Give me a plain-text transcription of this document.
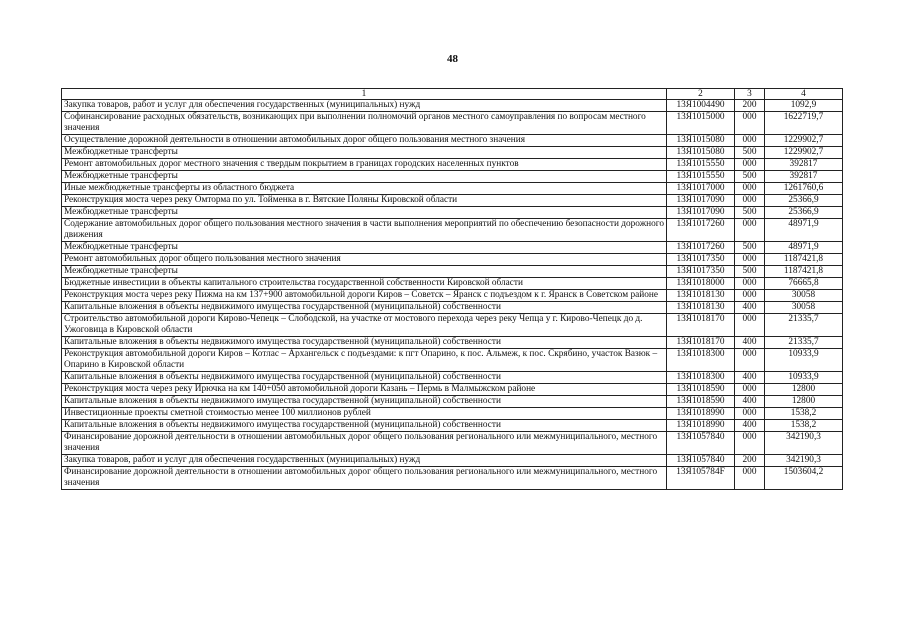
48
1	2	3	4
Закупка товаров, работ и услуг для обеспечения государственных (муниципальных) нужд	13Я1004490	200	1092,9
Софинансирование расходных обязательств, возникающих при выполнении полномочий органов местного самоуправления по вопросам местного значения	13Я1015000	000	1622719,7
Осуществление дорожной деятельности в отношении автомобильных дорог общего пользования местного значения	13Я1015080	000	1229902,7
Межбюджетные трансферты	13Я1015080	500	1229902,7
Ремонт автомобильных дорог местного значения с твердым покрытием в границах городских населенных пунктов	13Я1015550	000	392817
Межбюджетные трансферты	13Я1015550	500	392817
Иные межбюджетные трансферты из областного бюджета	13Я1017000	000	1261760,6
Реконструкция моста через реку Омторма по ул. Тойменка в г. Вятские Поляны Кировской области	13Я1017090	000	25366,9
Межбюджетные трансферты	13Я1017090	500	25366,9
Содержание автомобильных дорог общего пользования местного значения в части выполнения мероприятий по обеспечению безопасности дорожного движения	13Я1017260	000	48971,9
Межбюджетные трансферты	13Я1017260	500	48971,9
Ремонт автомобильных дорог общего пользования местного значения	13Я1017350	000	1187421,8
Межбюджетные трансферты	13Я1017350	500	1187421,8
Бюджетные инвестиции в объекты капитального строительства государственной собственности Кировской области	13Я1018000	000	76665,8
Реконструкция моста через реку Пижма на км 137+900 автомобильной дороги Киров – Советск – Яранск с подъездом к г. Яранск в Советском районе	13Я1018130	000	30058
Капитальные вложения в объекты недвижимого имущества государственной (муниципальной) собственности	13Я1018130	400	30058
Строительство автомобильной дороги Кирово-Чепецк – Слободской, на участке от мостового перехода через реку Чепца у г. Кирово-Чепецк до д. Ужоговица в Кировской области	13Я1018170	000	21335,7
Капитальные вложения в объекты недвижимого имущества государственной (муниципальной) собственности	13Я1018170	400	21335,7
Реконструкция автомобильной дороги Киров – Котлас – Архангельск с подъездами: к пгт Опарино, к пос. Альмеж, к пос. Скрябино, участок Вазюк – Опарино в Кировской области	13Я1018300	000	10933,9
Капитальные вложения в объекты недвижимого имущества государственной (муниципальной) собственности	13Я1018300	400	10933,9
Реконструкция моста через реку Ирючка на км 140+050 автомобильной дороги Казань – Пермь в Малмыжском районе	13Я1018590	000	12800
Капитальные вложения в объекты недвижимого имущества государственной (муниципальной) собственности	13Я1018590	400	12800
Инвестиционные проекты сметной стоимостью менее 100 миллионов рублей	13Я1018990	000	1538,2
Капитальные вложения в объекты недвижимого имущества государственной (муниципальной) собственности	13Я1018990	400	1538,2
Финансирование дорожной деятельности в отношении автомобильных дорог общего пользования регионального или межмуниципального, местного значения	13Я1057840	000	342190,3
Закупка товаров, работ и услуг для обеспечения государственных (муниципальных) нужд	13Я1057840	200	342190,3
Финансирование дорожной деятельности в отношении автомобильных дорог общего пользования регионального или межмуниципального, местного значения	13Я105784F	000	1503604,2
